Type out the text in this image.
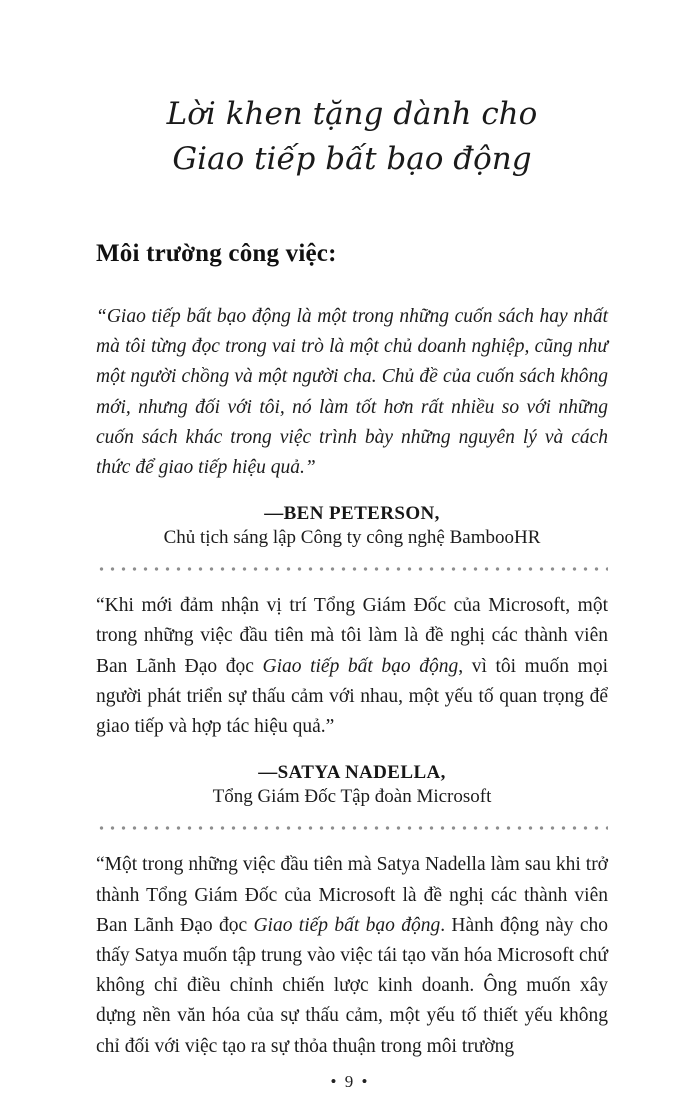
Lời khen tặng dành cho
Giao tiếp bất bạo động
Môi trường công việc:

“Giao tiếp bất bạo động là một trong những cuốn sách hay nhất mà tôi từng đọc trong vai trò là một chủ doanh nghiệp, cũng như một người chồng và một người cha. Chủ đề của cuốn sách không mới, nhưng đối với tôi, nó làm tốt hơn rất nhiều so với những cuốn sách khác trong việc trình bày những nguyên lý và cách thức để giao tiếp hiệu quả.”

—BEN PETERSON,

Chủ tịch sáng lập Công ty công nghệ BambooHR

“Khi mới đảm nhận vị trí Tổng Giám Đốc của Microsoft, một trong những việc đầu tiên mà tôi làm là đề nghị các thành viên Ban Lãnh Đạo đọc Giao tiếp bất bạo động, vì tôi muốn mọi người phát triển sự thấu cảm với nhau, một yếu tố quan trọng để giao tiếp và hợp tác hiệu quả.”

—SATYA NADELLA,

Tổng Giám Đốc Tập đoàn Microsoft

“Một trong những việc đầu tiên mà Satya Nadella làm sau khi trở thành Tổng Giám Đốc của Microsoft là đề nghị các thành viên Ban Lãnh Đạo đọc Giao tiếp bất bạo động. Hành động này cho thấy Satya muốn tập trung vào việc tái tạo văn hóa Microsoft chứ không chỉ điều chỉnh chiến lược kinh doanh. Ông muốn xây dựng nền văn hóa của sự thấu cảm, một yếu tố thiết yếu không chỉ đối với việc tạo ra sự thỏa thuận trong môi trường

• 9 •
